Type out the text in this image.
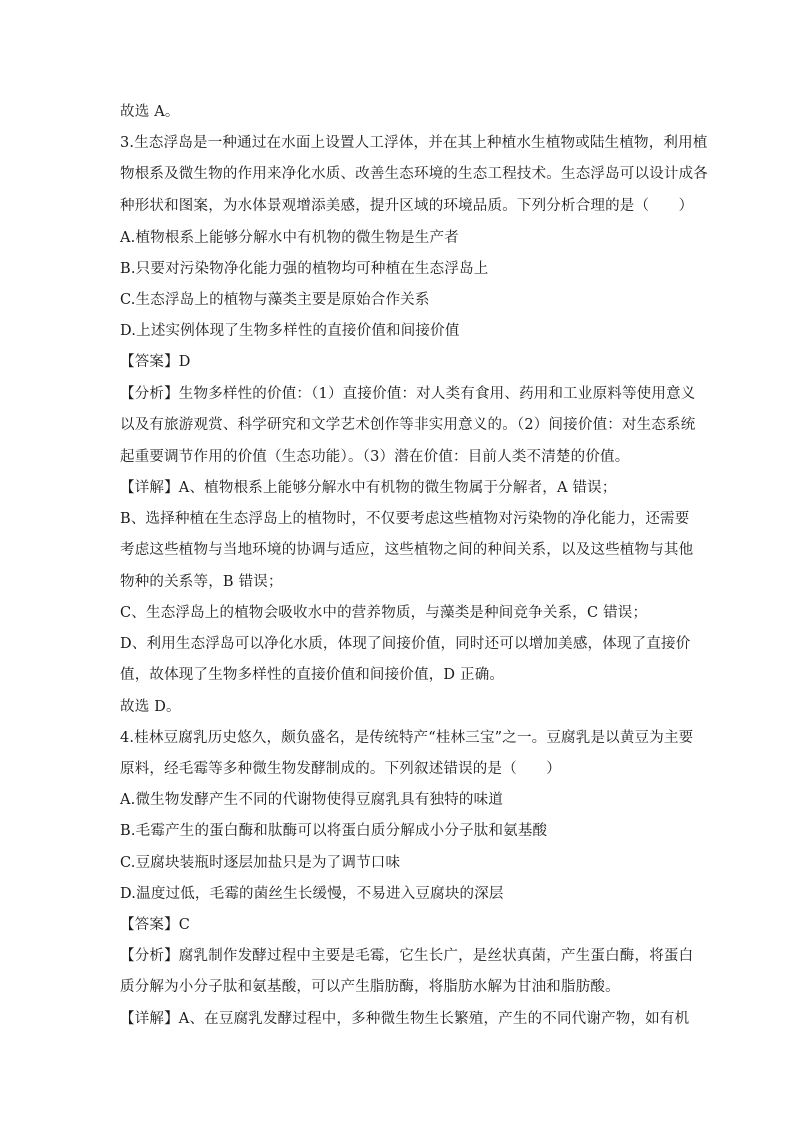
故选 A。
3.生态浮岛是一种通过在水面上设置人工浮体，并在其上种植水生植物或陆生植物，利用植
物根系及微生物的作用来净化水质、改善生态环境的生态工程技术。生态浮岛可以设计成各
种形状和图案，为水体景观增添美感，提升区域的环境品质。下列分析合理的是（　　）
A.植物根系上能够分解水中有机物的微生物是生产者
B.只要对污染物净化能力强的植物均可种植在生态浮岛上
C.生态浮岛上的植物与藻类主要是原始合作关系
D.上述实例体现了生物多样性的直接价值和间接价值
【答案】D
【分析】生物多样性的价值：（1）直接价值：对人类有食用、药用和工业原料等使用意义
以及有旅游观赏、科学研究和文学艺术创作等非实用意义的。（2）间接价值：对生态系统
起重要调节作用的价值（生态功能）。（3）潜在价值：目前人类不清楚的价值。
【详解】A、植物根系上能够分解水中有机物的微生物属于分解者，A 错误；
B、选择种植在生态浮岛上的植物时，不仅要考虑这些植物对污染物的净化能力，还需要
考虑这些植物与当地环境的协调与适应，这些植物之间的种间关系，以及这些植物与其他
物种的关系等，B 错误；
C、生态浮岛上的植物会吸收水中的营养物质，与藻类是种间竞争关系，C 错误；
D、利用生态浮岛可以净化水质，体现了间接价值，同时还可以增加美感，体现了直接价
值，故体现了生物多样性的直接价值和间接价值，D 正确。
故选 D。
4.桂林豆腐乳历史悠久，颇负盛名，是传统特产“桂林三宝”之一。豆腐乳是以黄豆为主要
原料，经毛霉等多种微生物发酵制成的。下列叙述错误的是（　　）
A.微生物发酵产生不同的代谢物使得豆腐乳具有独特的味道
B.毛霉产生的蛋白酶和肽酶可以将蛋白质分解成小分子肽和氨基酸
C.豆腐块装瓶时逐层加盐只是为了调节口味
D.温度过低，毛霉的菌丝生长缓慢，不易进入豆腐块的深层
【答案】C
【分析】腐乳制作发酵过程中主要是毛霉，它生长广，是丝状真菌，产生蛋白酶，将蛋白
质分解为小分子肽和氨基酸，可以产生脂肪酶，将脂肪水解为甘油和脂肪酸。
【详解】A、在豆腐乳发酵过程中，多种微生物生长繁殖，产生的不同代谢产物，如有机
